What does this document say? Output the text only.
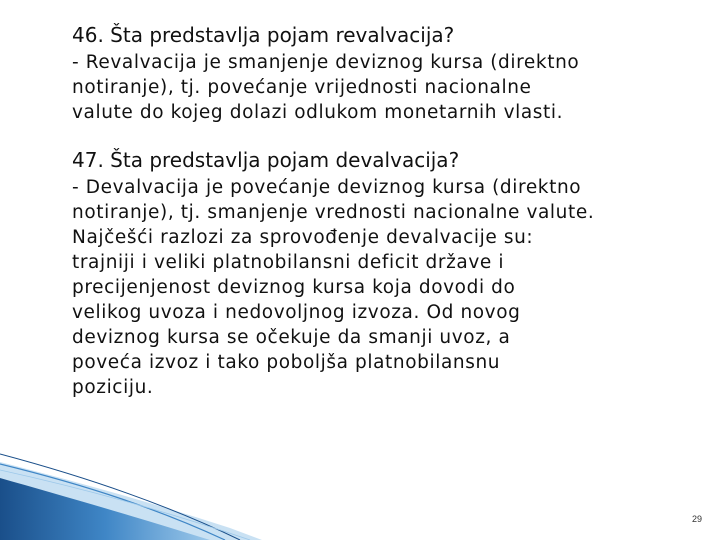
46. Šta predstavlja pojam revalvacija?
- Revalvacija je smanjenje deviznog kursa (direktno
notiranje), tj. povećanje vrijednosti nacionalne
valute do kojeg dolazi odlukom monetarnih vlasti.
47. Šta predstavlja pojam devalvacija?
- Devalvacija je povećanje deviznog kursa (direktno
notiranje), tj. smanjenje vrednosti nacionalne valute.
Najčešći razlozi za sprovođenje devalvacije su:
trajniji i veliki platnobilansni deficit države i
precijenjenost deviznog kursa koja dovodi do
velikog uvoza i nedovoljnog izvoza. Od novog
deviznog kursa se očekuje da smanji uvoz, a
poveća izvoz i tako poboljša platnobilansnu
poziciju.
29
